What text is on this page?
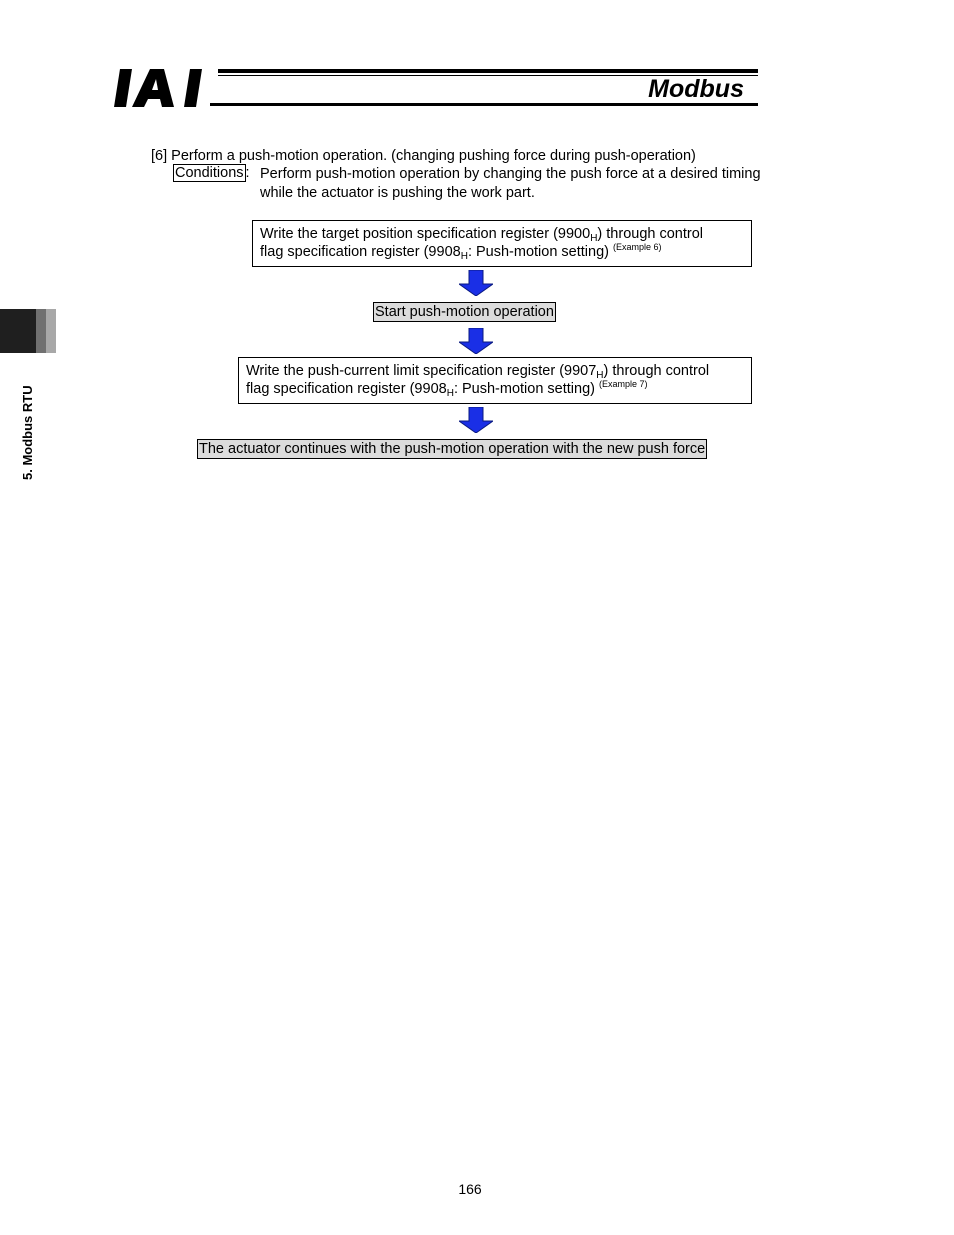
Modbus
5. Modbus RTU
[6] Perform a push-motion operation. (changing pushing force during push-operation)
Conditions : Perform push-motion operation by changing the push force at a desired timing
while the actuator is pushing the work part.
Write the target position specification register $(9900_H)$ through control
flag specification register ($9908_H$: Push-motion setting) $^{(Example 6)}$
Start push-motion operation
Write the push-current limit specification register $(9907_H)$ through control
flag specification register ($9908_H$: Push-motion setting) $^{(Example 7)}$
The actuator continues with the push-motion operation with the new push force
166
